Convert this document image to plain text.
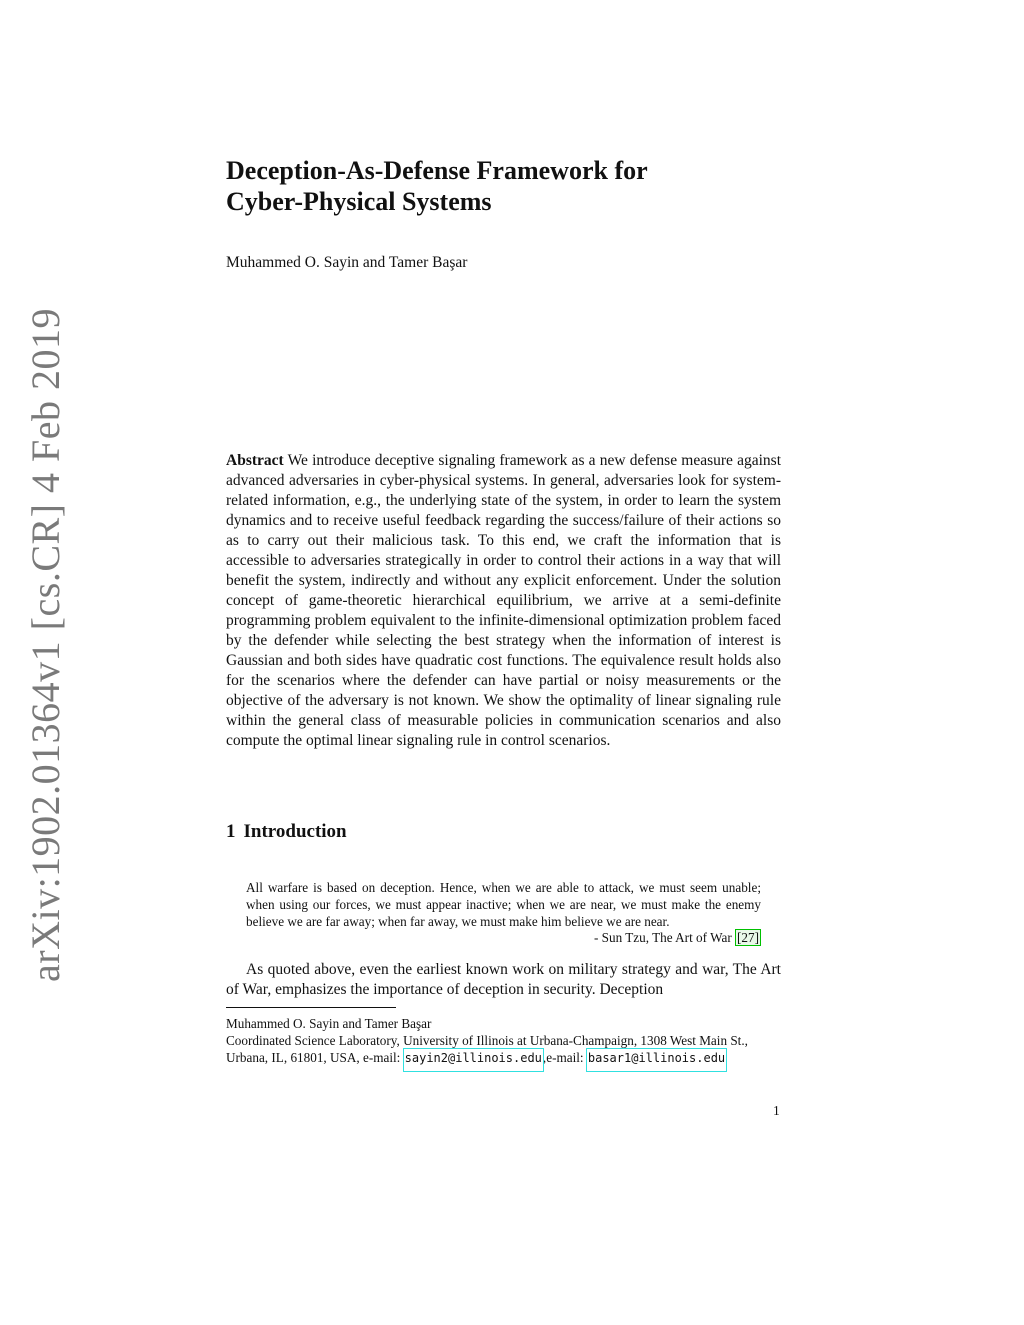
arXiv:1902.01364v1 [cs.CR] 4 Feb 2019
Deception-As-Defense Framework for
Cyber-Physical Systems

Muhammed O. Sayin and Tamer Başar

Abstract We introduce deceptive signaling framework as a new defense measure against advanced adversaries in cyber-physical systems. In general, adversaries look for system-related information, e.g., the underlying state of the system, in order to learn the system dynamics and to receive useful feedback regarding the success/failure of their actions so as to carry out their malicious task. To this end, we craft the information that is accessible to adversaries strategically in order to control their actions in a way that will benefit the system, indirectly and without any explicit enforcement. Under the solution concept of game-theoretic hierarchical equilibrium, we arrive at a semi-definite programming problem equivalent to the infinite-dimensional optimization problem faced by the defender while selecting the best strategy when the information of interest is Gaussian and both sides have quadratic cost functions. The equivalence result holds also for the scenarios where the defender can have partial or noisy measurements or the objective of the adversary is not known. We show the optimality of linear signaling rule within the general class of measurable policies in communication scenarios and also compute the optimal linear signaling rule in control scenarios.

1 Introduction

All warfare is based on deception. Hence, when we are able to attack, we must seem unable; when using our forces, we must appear inactive; when we are near, we must make the enemy believe we are far away; when far away, we must make him believe we are near.

- Sun Tzu, The Art of War [27]

As quoted above, even the earliest known work on military strategy and war, The Art of War, emphasizes the importance of deception in security. Deception

Muhammed O. Sayin and Tamer Başar
Coordinated Science Laboratory, University of Illinois at Urbana-Champaign, 1308 West Main St.,
Urbana, IL, 61801, USA, e-mail: sayin2@illinois.edu,e-mail: basar1@illinois.edu
1
